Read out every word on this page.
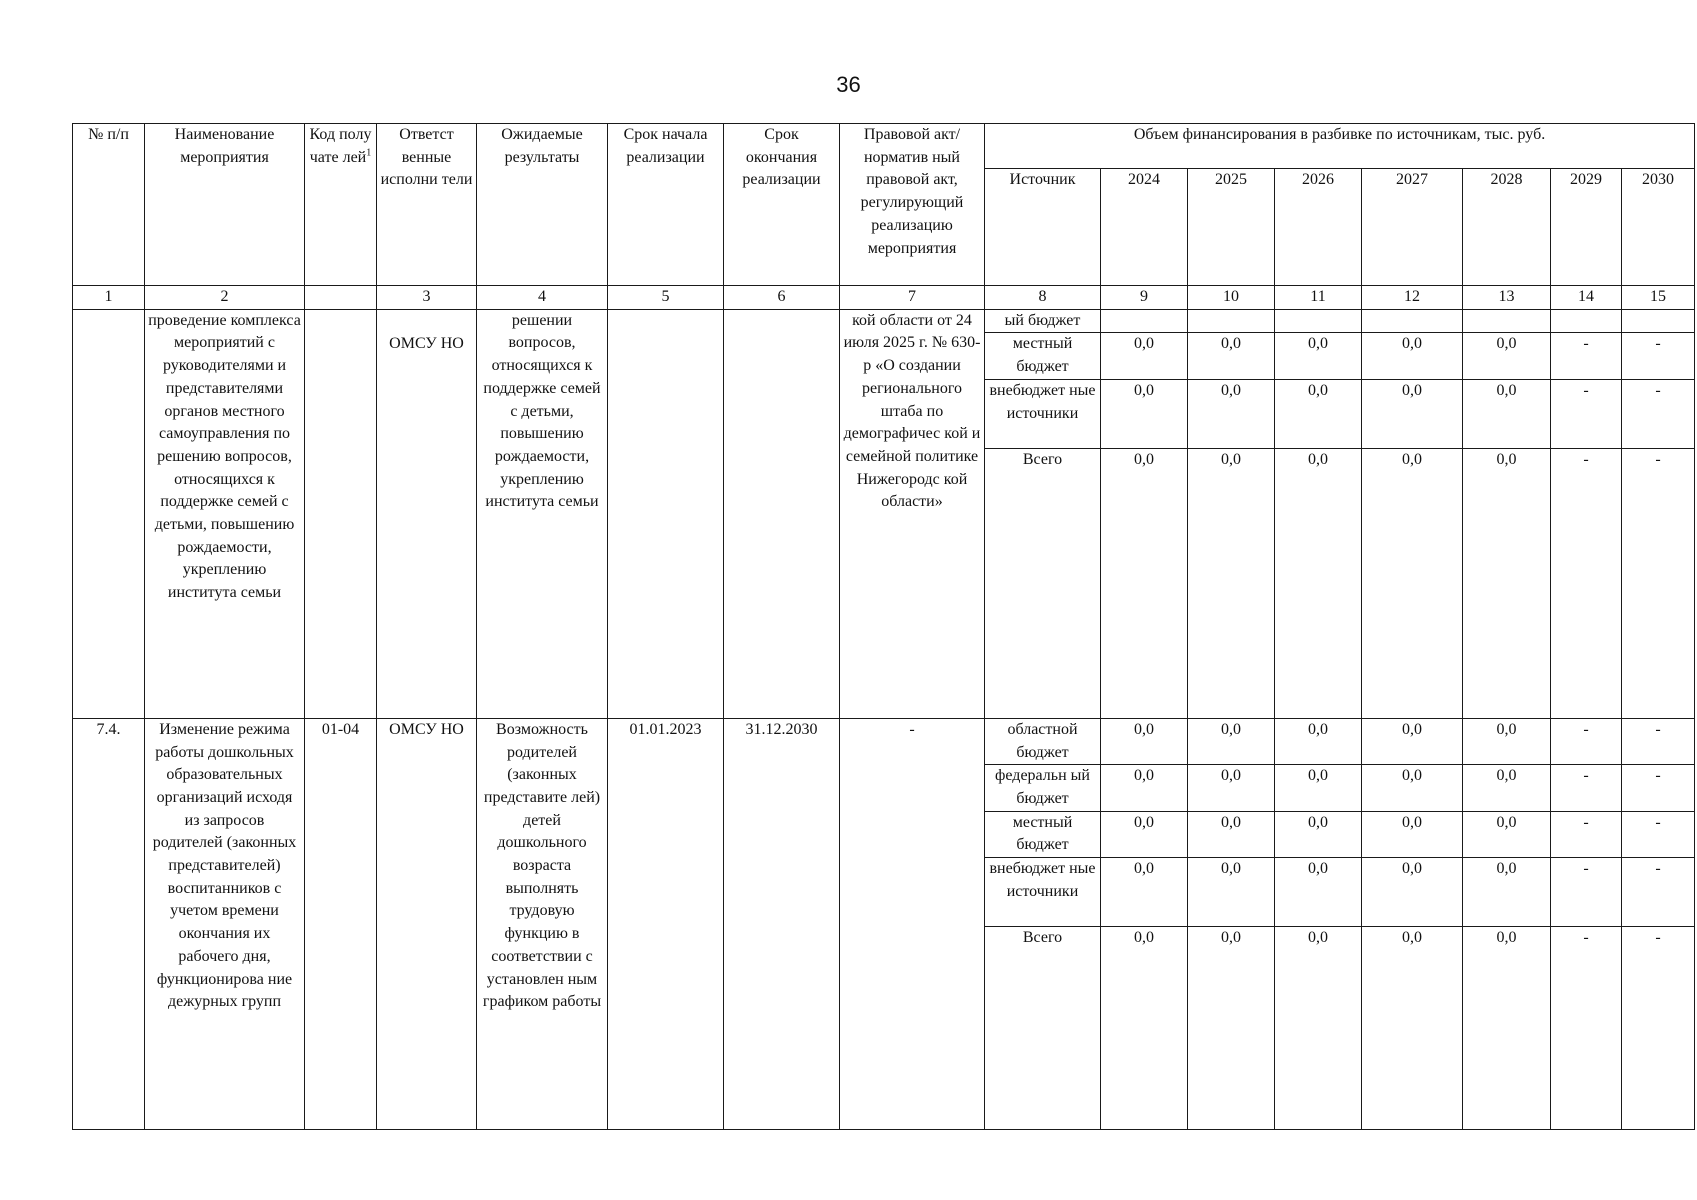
36
№ п/п	Наименование мероприятия	Код полу чате лей$^1$	Ответст венные исполни тели	Ожидаемые результаты	Срок начала реализации	Срок окончания реализации	Правовой акт/норматив ный правовой акт, регулирующий реализацию мероприятия	Объем финансирования в разбивке по источникам, тыс. руб.							
								Источник	2024	2025	2026	2027	2028	2029	2030
1	2		3	4	5	6	7	8	9	10	11	12	13	14	15
	проведение комплекса мероприятий с руководителями и представителями органов местного самоуправления по решению вопросов, относящихся к поддержке семей с детьми, повышению рождаемости, укреплению института семьи		ОМСУ НО	решении вопросов, относящихся к поддержке семей с детьми, повышению рождаемости, укреплению института семьи			кой области от 24 июля 2025 г. № 630-р «О создании регионального штаба по демографичес кой и семейной политике Нижегородс кой области»	ый бюджет							
								местный бюджет	0,0	0,0	0,0	0,0	0,0	-	-
								внебюджет ные источники	0,0	0,0	0,0	0,0	0,0	-	-
								Всего	0,0	0,0	0,0	0,0	0,0	-	-
7.4.	Изменение режима работы дошкольных образовательных организаций исходя из запросов родителей (законных представителей) воспитанников с учетом времени окончания их рабочего дня, функционирова ние дежурных групп	01-04	ОМСУ НО	Возможность родителей (законных представите лей) детей дошкольного возраста выполнять трудовую функцию в соответствии с установлен ным графиком работы	01.01.2023	31.12.2030	-	областной бюджет	0,0	0,0	0,0	0,0	0,0	-	-
								федеральн ый бюджет	0,0	0,0	0,0	0,0	0,0	-	-
								местный бюджет	0,0	0,0	0,0	0,0	0,0	-	-
								внебюджет ные источники	0,0	0,0	0,0	0,0	0,0	-	-
								Всего	0,0	0,0	0,0	0,0	0,0	-	-
